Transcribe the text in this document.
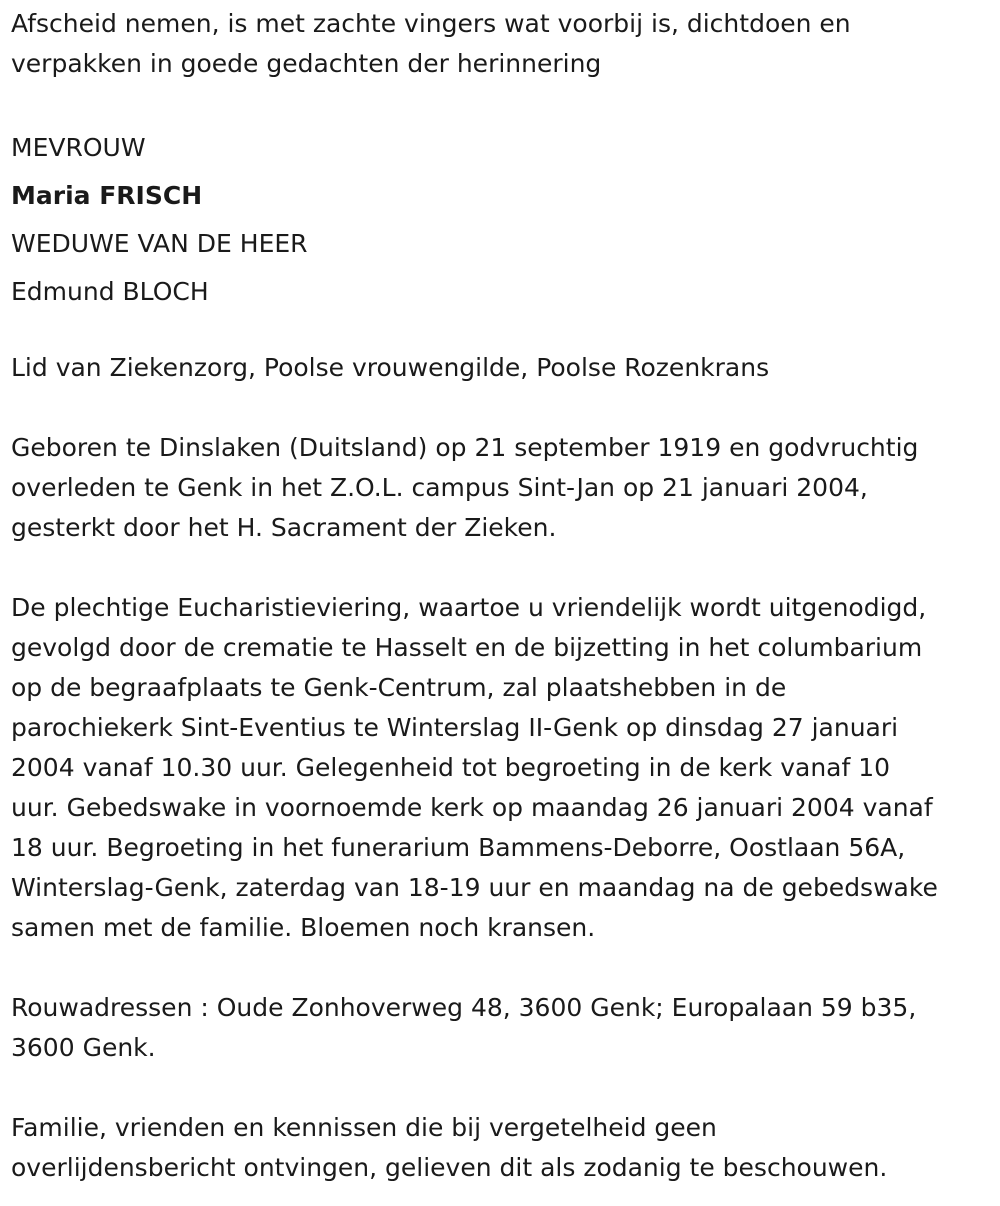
Afscheid nemen, is met zachte vingers wat voorbij is, dichtdoen en
verpakken in goede gedachten der herinnering
MEVROUW
Maria FRISCH
WEDUWE VAN DE HEER
Edmund BLOCH
Lid van Ziekenzorg, Poolse vrouwengilde, Poolse Rozenkrans
Geboren te Dinslaken (Duitsland) op 21 september 1919 en godvruchtig
overleden te Genk in het Z.O.L. campus Sint-Jan op 21 januari 2004,
gesterkt door het H. Sacrament der Zieken.
De plechtige Eucharistieviering, waartoe u vriendelijk wordt uitgenodigd,
gevolgd door de crematie te Hasselt en de bijzetting in het columbarium
op de begraafplaats te Genk-Centrum, zal plaatshebben in de
parochiekerk Sint-Eventius te Winterslag II-Genk op dinsdag 27 januari
2004 vanaf 10.30 uur. Gelegenheid tot begroeting in de kerk vanaf 10
uur. Gebedswake in voornoemde kerk op maandag 26 januari 2004 vanaf
18 uur. Begroeting in het funerarium Bammens-Deborre, Oostlaan 56A,
Winterslag-Genk, zaterdag van 18-19 uur en maandag na de gebedswake
samen met de familie. Bloemen noch kransen.
Rouwadressen : Oude Zonhoverweg 48, 3600 Genk; Europalaan 59 b35,
3600 Genk.
Familie, vrienden en kennissen die bij vergetelheid geen
overlijdensbericht ontvingen, gelieven dit als zodanig te beschouwen.
